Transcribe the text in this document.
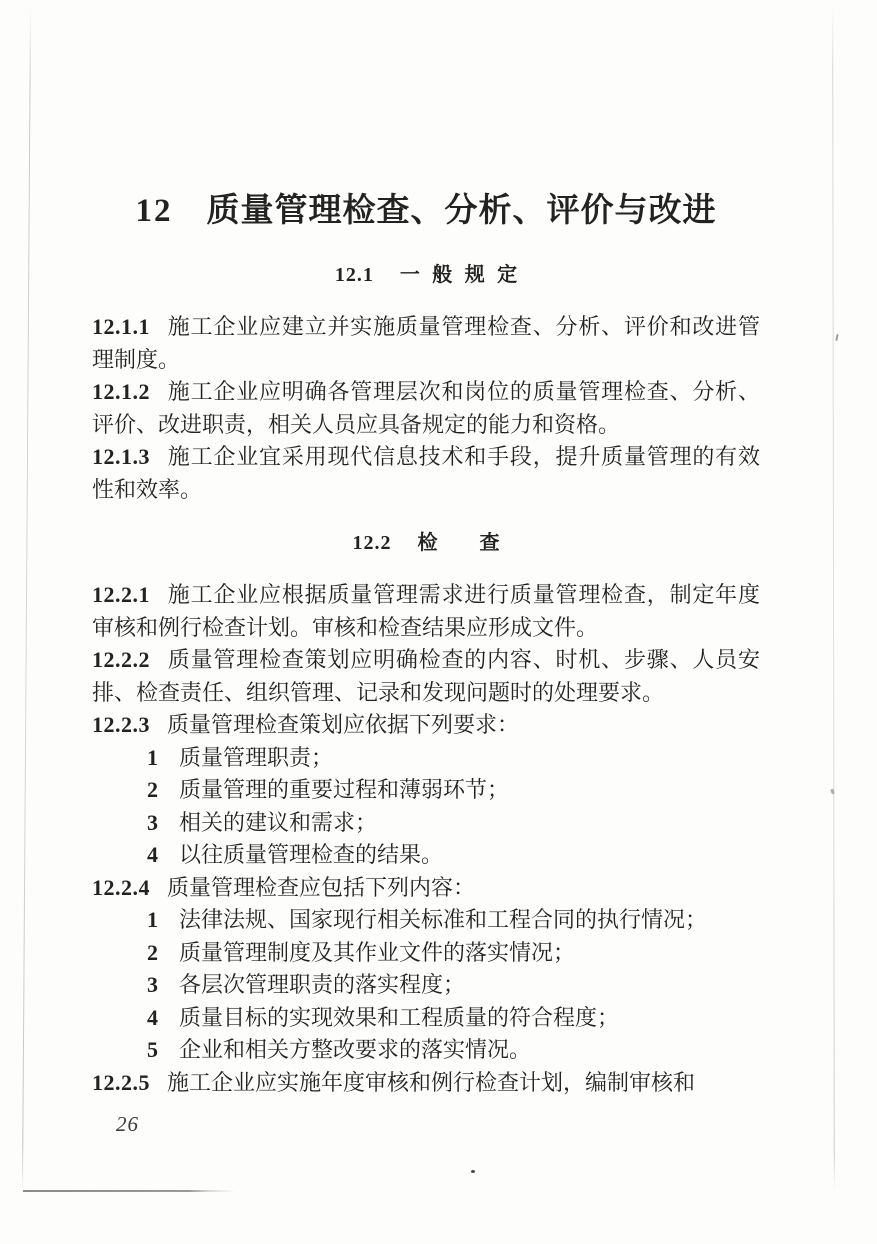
12 质量管理检查、分析、评价与改进
12.1 一般规定

12.1.1 施工企业应建立并实施质量管理检查、分析、评价和改进管理制度。

12.1.2 施工企业应明确各管理层次和岗位的质量管理检查、分析、评价、改进职责，相关人员应具备规定的能力和资格。

12.1.3 施工企业宜采用现代信息技术和手段，提升质量管理的有效性和效率。

12.2 检查

12.2.1 施工企业应根据质量管理需求进行质量管理检查，制定年度审核和例行检查计划。审核和检查结果应形成文件。

12.2.2 质量管理检查策划应明确检查的内容、时机、步骤、人员安排、检查责任、组织管理、记录和发现问题时的处理要求。

12.2.3 质量管理检查策划应依据下列要求：

1 质量管理职责；

2 质量管理的重要过程和薄弱环节；

3 相关的建议和需求；

4 以往质量管理检查的结果。

12.2.4 质量管理检查应包括下列内容：

1 法律法规、国家现行相关标准和工程合同的执行情况；

2 质量管理制度及其作业文件的落实情况；

3 各层次管理职责的落实程度；

4 质量目标的实现效果和工程质量的符合程度；

5 企业和相关方整改要求的落实情况。

12.2.5 施工企业应实施年度审核和例行检查计划，编制审核和

26
